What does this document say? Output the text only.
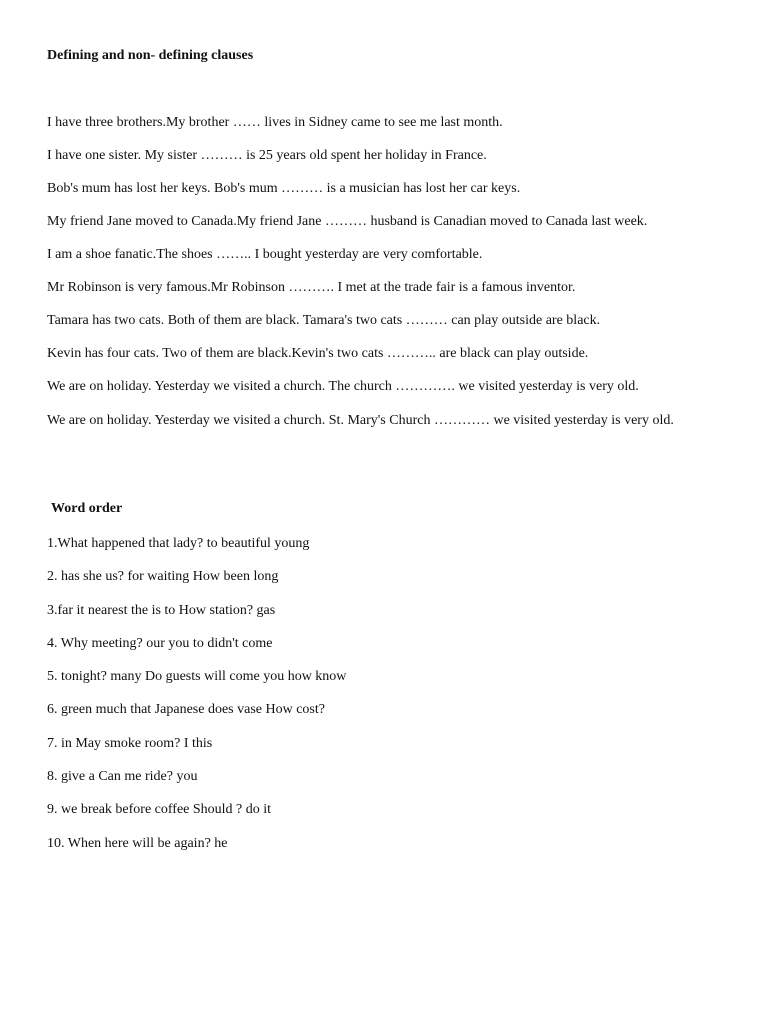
Defining and non- defining clauses

I have three brothers.My brother …… lives in Sidney came to see me last month.

I have one sister. My sister ……… is 25 years old spent her holiday in France.

Bob's mum has lost her keys. Bob's mum ……… is a musician has lost her car keys.

My friend Jane moved to Canada.My friend Jane ……… husband is Canadian moved to Canada last week.

I am a shoe fanatic.The shoes …….. I bought yesterday are very comfortable.

Mr Robinson is very famous.Mr Robinson ………. I met at the trade fair is a famous inventor.

Tamara has two cats. Both of them are black. Tamara's two cats ……… can play outside are black.

Kevin has four cats. Two of them are black.Kevin's two cats ……….. are black can play outside.

We are on holiday. Yesterday we visited a church. The church …………. we visited yesterday is very old.

We are on holiday. Yesterday we visited a church. St. Mary's Church ………… we visited yesterday is very old.

Word order

1.What happened that lady? to beautiful young

2. has she us? for waiting How been long

3.far it nearest the is to How station? gas

4. Why meeting? our you to didn't come

5. tonight? many Do guests will come you how know

6. green much that Japanese does vase How cost?

7. in May smoke room? I this

8. give a Can me ride? you

9. we break before coffee Should ? do it

10. When here will be again? he
